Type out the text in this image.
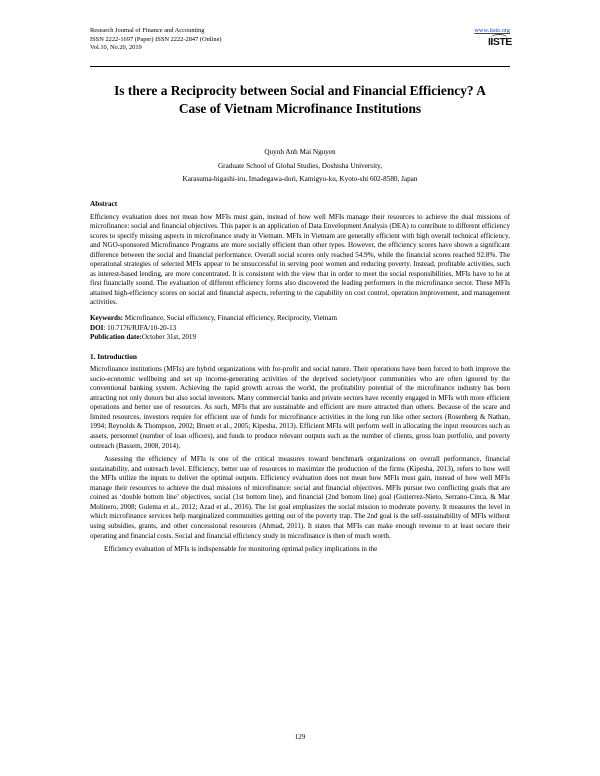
Research Journal of Finance and Accounting
ISSN 2222-1697 (Paper) ISSN 2222-2847 (Online)
Vol.10, No.20, 2019
www.iiste.org

IISTE
Is there a Reciprocity between Social and Financial Efficiency? A
Case of Vietnam Microfinance Institutions
Quynh Anh Mai Nguyen
Graduate School of Global Studies, Doshisha University,
Karasuma-higashi-iru, Imadegawa-dori, Kamigyo-ku, Kyoto-shi 602-8580, Japan
Abstract

Efficiency evaluation does not mean how MFIs must gain, instead of how well MFIs manage their resources to achieve the dual missions of microfinance: social and financial objectives. This paper is an application of Data Envelopment Analysis (DEA) to contribute to different efficiency scores to specify missing aspects in microfinance study in Vietnam. MFIs in Vietnam are generally efficient with high overall technical efficiency, and NGO-sponsored Microfinance Programs are more socially efficient than other types. However, the efficiency scores have shown a significant difference between the social and financial performance. Overall social scores only reached 54.9%, while the financial scores reached 92.8%. The operational strategies of selected MFIs appear to be unsuccessful in serving poor women and reducing poverty. Instead, profitable activities, such as interest-based lending, are more concentrated. It is consistent with the view that in order to meet the social responsibilities, MFIs have to be at first financially sound. The evaluation of different efficiency forms also discovered the leading performers in the microfinance sector. These MFIs attained high-efficiency scores on social and financial aspects, referring to the capability on cost control, operation improvement, and management activities.

Keywords: Microfinance, Social efficiency, Financial efficiency, Reciprocity, Vietnam

DOI: 10.7176/RJFA/10-20-13

Publication date:October 31st, 2019

1. Introduction

Microfinance institutions (MFIs) are hybrid organizations with for-profit and social nature. Their operations have been forced to both improve the socio-economic wellbeing and set up income-generating activities of the deprived society/poor communities who are often ignored by the conventional banking system. Achieving the rapid growth across the world, the profitability potential of the microfinance industry has been attracting not only donors but also social investors. Many commercial banks and private sectors have recently engaged in MFIs with more efficient operations and better use of resources. As such, MFIs that are sustainable and efficient are more attracted than others. Because of the scare and limited resources, investors require for efficient use of funds for microfinance activities in the long run like other sectors (Rosenberg & Nathan, 1994; Reynolds & Thompson, 2002; Bruett et al., 2005; Kipesha, 2013). Efficient MFIs will perform well in allocating the input resources such as assets, personnel (number of loan officers), and funds to produce relevant outputs such as the number of clients, gross loan portfolio, and poverty outreach (Bassem, 2008, 2014).

Assessing the efficiency of MFIs is one of the critical measures toward benchmark organizations on overall performance, financial sustainability, and outreach level. Efficiency, better use of resources to maximize the production of the firms (Kipesha, 2013), refers to how well the MFIs utilize the inputs to deliver the optimal outputs. Efficiency evaluation does not mean how MFIs must gain, instead of how well MFIs manage their resources to achieve the dual missions of microfinance: social and financial objectives. MFIs pursue two conflicting goals that are coined as ‘double bottom line’ objectives, social (1st bottom line), and financial (2nd bottom line) goal (Gutierrez-Nieto, Serrano-Cinca, & Mar Molinero, 2008; Gulema et al., 2012; Azad et al., 2016). The 1st goal emphasizes the social mission to moderate poverty. It measures the level in which microfinance services help marginalized communities getting out of the poverty trap. The 2nd goal is the self-sustainability of MFIs without using subsidies, grants, and other concessional resources (Ahmad, 2011). It states that MFIs can make enough revenue to at least secure their operating and financial costs. Social and financial efficiency study in microfinance is then of much worth.

Efficiency evaluation of MFIs is indispensable for monitoring optimal policy implications in the

129
